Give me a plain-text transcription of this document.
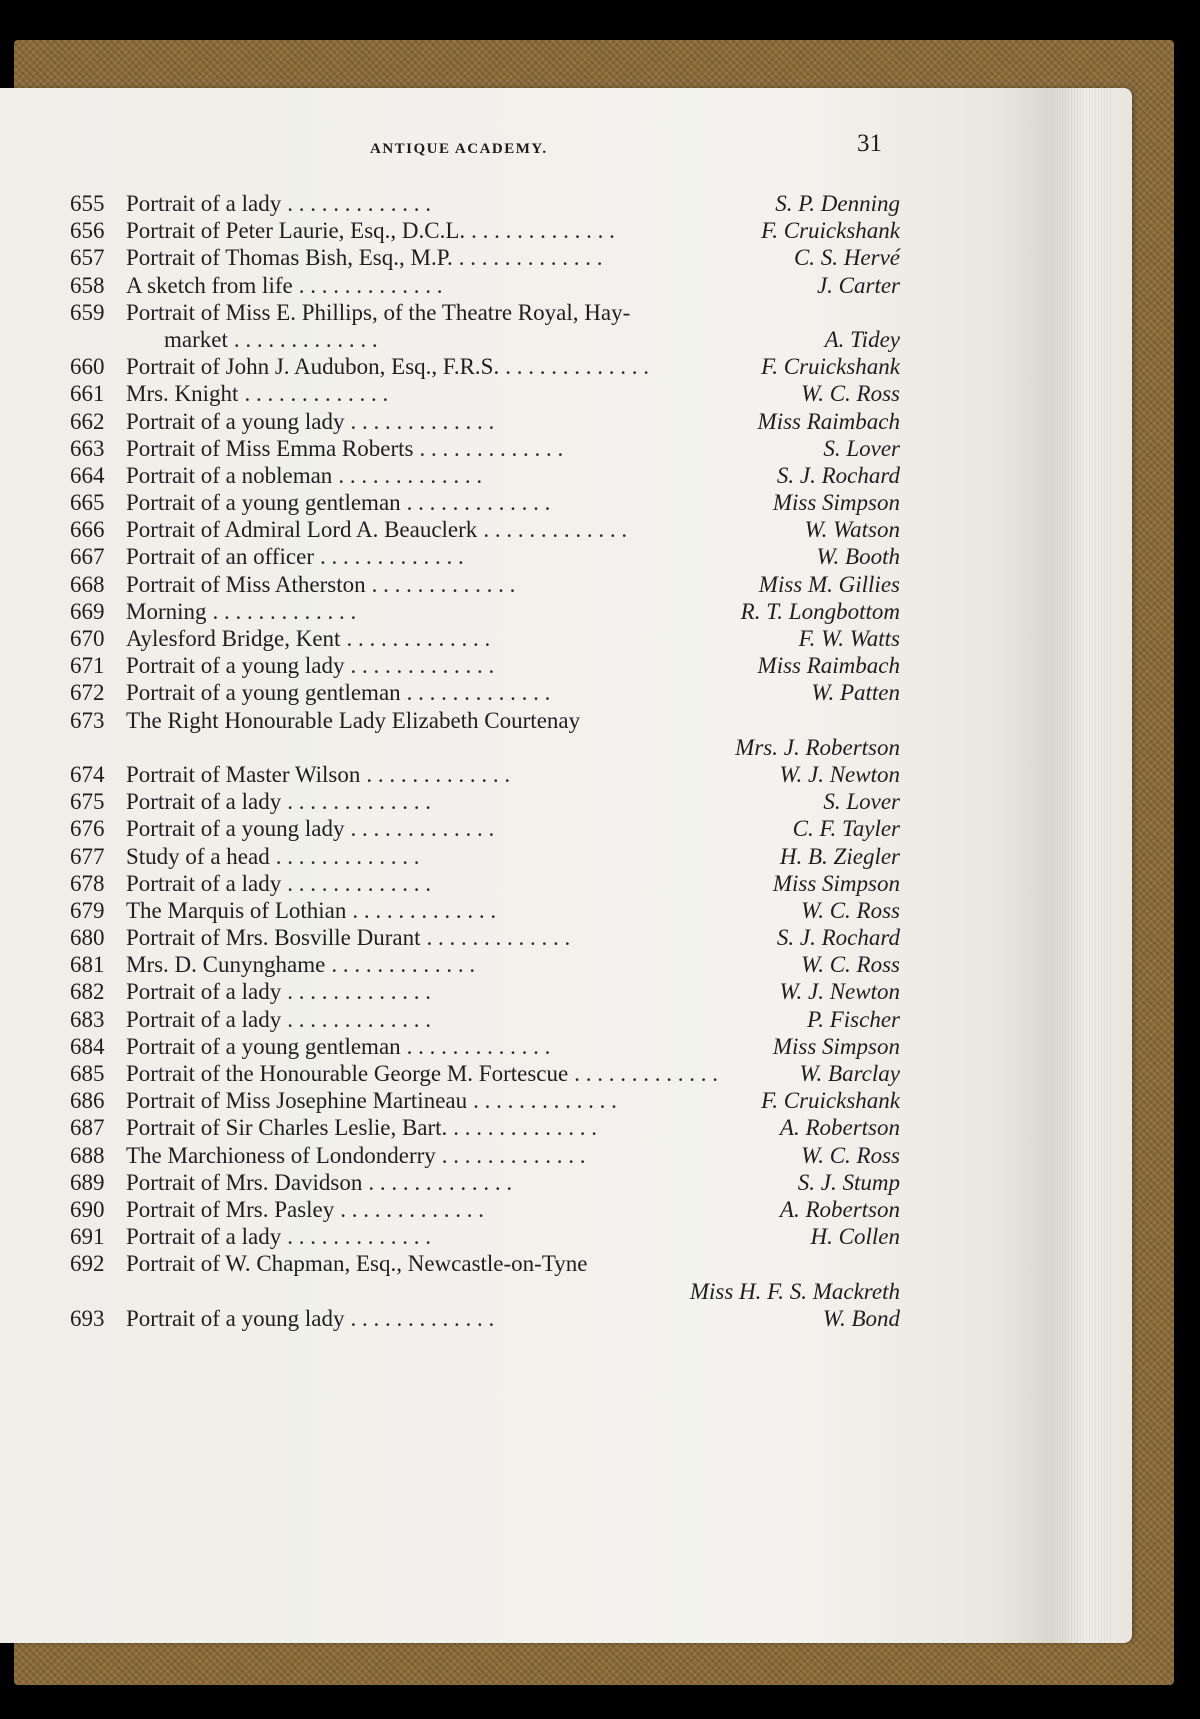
ANTIQUE ACADEMY.	31
655 Portrait of a lady . . . . . . . . . . . . .	S. P. Denning
656 Portrait of Peter Laurie, Esq., D.C.L. . . . . . . . . . . . . .	F. Cruickshank
657 Portrait of Thomas Bish, Esq., M.P. . . . . . . . . . . . . .	C. S. Hervé
658 A sketch from life . . . . . . . . . . . . .	J. Carter
659 Portrait of Miss E. Phillips, of the Theatre Royal, Hay-
market . . . . . . . . . . . . .	A. Tidey
660 Portrait of John J. Audubon, Esq., F.R.S. . . . . . . . . . . . . .	F. Cruickshank
661 Mrs. Knight . . . . . . . . . . . . .	W. C. Ross
662 Portrait of a young lady . . . . . . . . . . . . .	Miss Raimbach
663 Portrait of Miss Emma Roberts . . . . . . . . . . . . .	S. Lover
664 Portrait of a nobleman . . . . . . . . . . . . .	S. J. Rochard
665 Portrait of a young gentleman . . . . . . . . . . . . .	Miss Simpson
666 Portrait of Admiral Lord A. Beauclerk . . . . . . . . . . . . .	W. Watson
667 Portrait of an officer . . . . . . . . . . . . .	W. Booth
668 Portrait of Miss Atherston . . . . . . . . . . . . .	Miss M. Gillies
669 Morning . . . . . . . . . . . . .	R. T. Longbottom
670 Aylesford Bridge, Kent . . . . . . . . . . . . .	F. W. Watts
671 Portrait of a young lady . . . . . . . . . . . . .	Miss Raimbach
672 Portrait of a young gentleman . . . . . . . . . . . . .	W. Patten
673 The Right Honourable Lady Elizabeth Courtenay
Mrs. J. Robertson
674 Portrait of Master Wilson . . . . . . . . . . . . .	W. J. Newton
675 Portrait of a lady . . . . . . . . . . . . .	S. Lover
676 Portrait of a young lady . . . . . . . . . . . . .	C. F. Tayler
677 Study of a head . . . . . . . . . . . . .	H. B. Ziegler
678 Portrait of a lady . . . . . . . . . . . . .	Miss Simpson
679 The Marquis of Lothian . . . . . . . . . . . . .	W. C. Ross
680 Portrait of Mrs. Bosville Durant . . . . . . . . . . . . .	S. J. Rochard
681 Mrs. D. Cunynghame . . . . . . . . . . . . .	W. C. Ross
682 Portrait of a lady . . . . . . . . . . . . .	W. J. Newton
683 Portrait of a lady . . . . . . . . . . . . .	P. Fischer
684 Portrait of a young gentleman . . . . . . . . . . . . .	Miss Simpson
685 Portrait of the Honourable George M. Fortescue . . . . . . . . . . . . .	W. Barclay
686 Portrait of Miss Josephine Martineau . . . . . . . . . . . . .	F. Cruickshank
687 Portrait of Sir Charles Leslie, Bart. . . . . . . . . . . . . .	A. Robertson
688 The Marchioness of Londonderry . . . . . . . . . . . . .	W. C. Ross
689 Portrait of Mrs. Davidson . . . . . . . . . . . . .	S. J. Stump
690 Portrait of Mrs. Pasley . . . . . . . . . . . . .	A. Robertson
691 Portrait of a lady . . . . . . . . . . . . .	H. Collen
692 Portrait of W. Chapman, Esq., Newcastle-on-Tyne
Miss H. F. S. Mackreth
693 Portrait of a young lady . . . . . . . . . . . . .	W. Bond
